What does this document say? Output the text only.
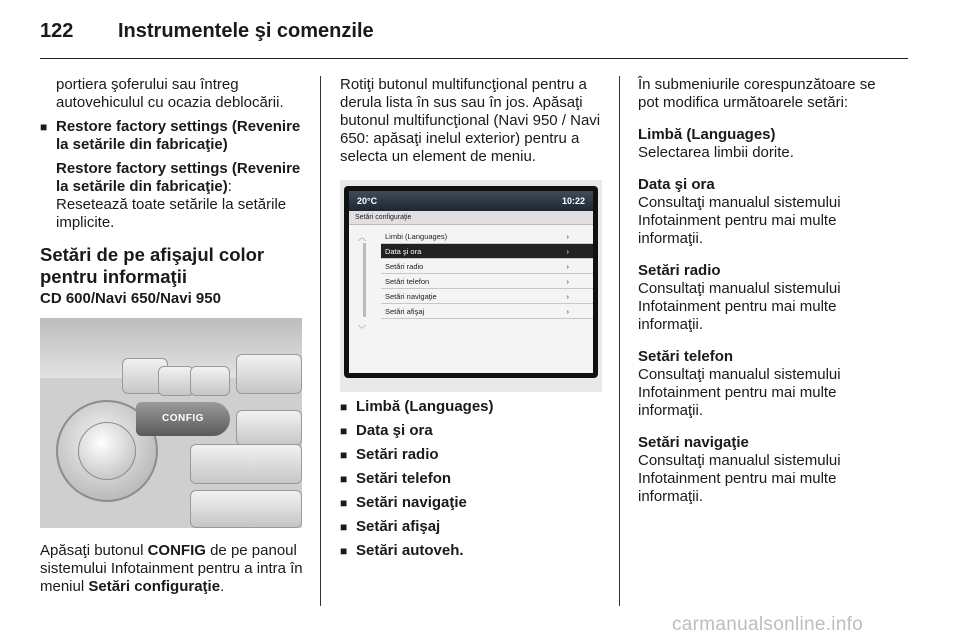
122	Instrumentele şi comenzile
portiera şoferului sau întreg autovehiculul cu ocazia deblocării.
■ Restore factory settings (Revenire la setările din fabricaţie)
Restore factory settings (Revenire la setările din fabricaţie): Resetează toate setările la setările implicite.
Setări de pe afişajul color pentru informaţii
CD 600/Navi 650/Navi 950
CONFIG
Apăsaţi butonul CONFIG de pe panoul sistemului Infotainment pentru a intra în meniul Setări configuraţie.
Rotiţi butonul multifuncţional pentru a derula lista în sus sau în jos. Apăsaţi butonul multifuncţional (Navi 950 / Navi 650: apăsaţi inelul exterior) pentru a selecta un element de meniu.
20°C	10:22
Setări configuraţie
︿
﹀
Limbi (Languages)	›
Data şi ora	›
Setări radio	›
Setări telefon	›
Setări navigaţie	›
Setări afişaj	›
■ Limbă (Languages)
■ Data şi ora
■ Setări radio
■ Setări telefon
■ Setări navigaţie
■ Setări afişaj
■ Setări autoveh.
În submeniurile corespunzătoare se pot modifica următoarele setări:
Limbă (Languages)
Selectarea limbii dorite.
Data şi ora
Consultaţi manualul sistemului Infotainment pentru mai multe informaţii.
Setări radio
Consultaţi manualul sistemului Infotainment pentru mai multe informaţii.
Setări telefon
Consultaţi manualul sistemului Infotainment pentru mai multe informaţii.
Setări navigaţie
Consultaţi manualul sistemului Infotainment pentru mai multe informaţii.
carmanualsonline.info
